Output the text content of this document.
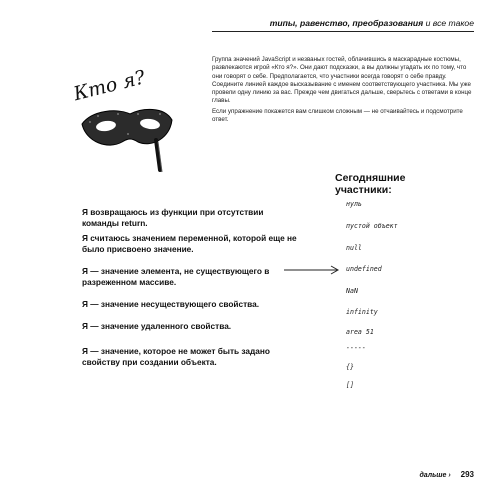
типы, равенство, преобразования и все такое
Кто я?

Группа значений JavaScript и незваных гостей, облачившись в маскарадные костюмы, развлекаются игрой «Кто я?». Они дают подсказки, а вы должны угадать их по тому, что они говорят о себе. Предполагается, что участники всегда говорят о себе правду. Соедините линией каждое высказывание с именем соответствующего участника. Мы уже провели одну линию за вас. Прежде чем двигаться дальше, сверьтесь с ответами в конце главы.

Если упражнение покажется вам слишком сложным — не отчаивайтесь и подсмотрите ответ.

Сегодняшние участники:
Я возвращаюсь из функции при отсутствии команды return.
Я считаюсь значением переменной, которой еще не было присвоено значение.
Я — значение элемента, не существующего в разреженном массиве.
Я — значение несуществующего свойства.
Я — значение удаленного свойства.
Я — значение, которое не может быть задано свойству при создании объекта.
нуль
пустой объект
null
undefined
NaN
infinity
area 51
-----
{}
[]
дальше › 293
